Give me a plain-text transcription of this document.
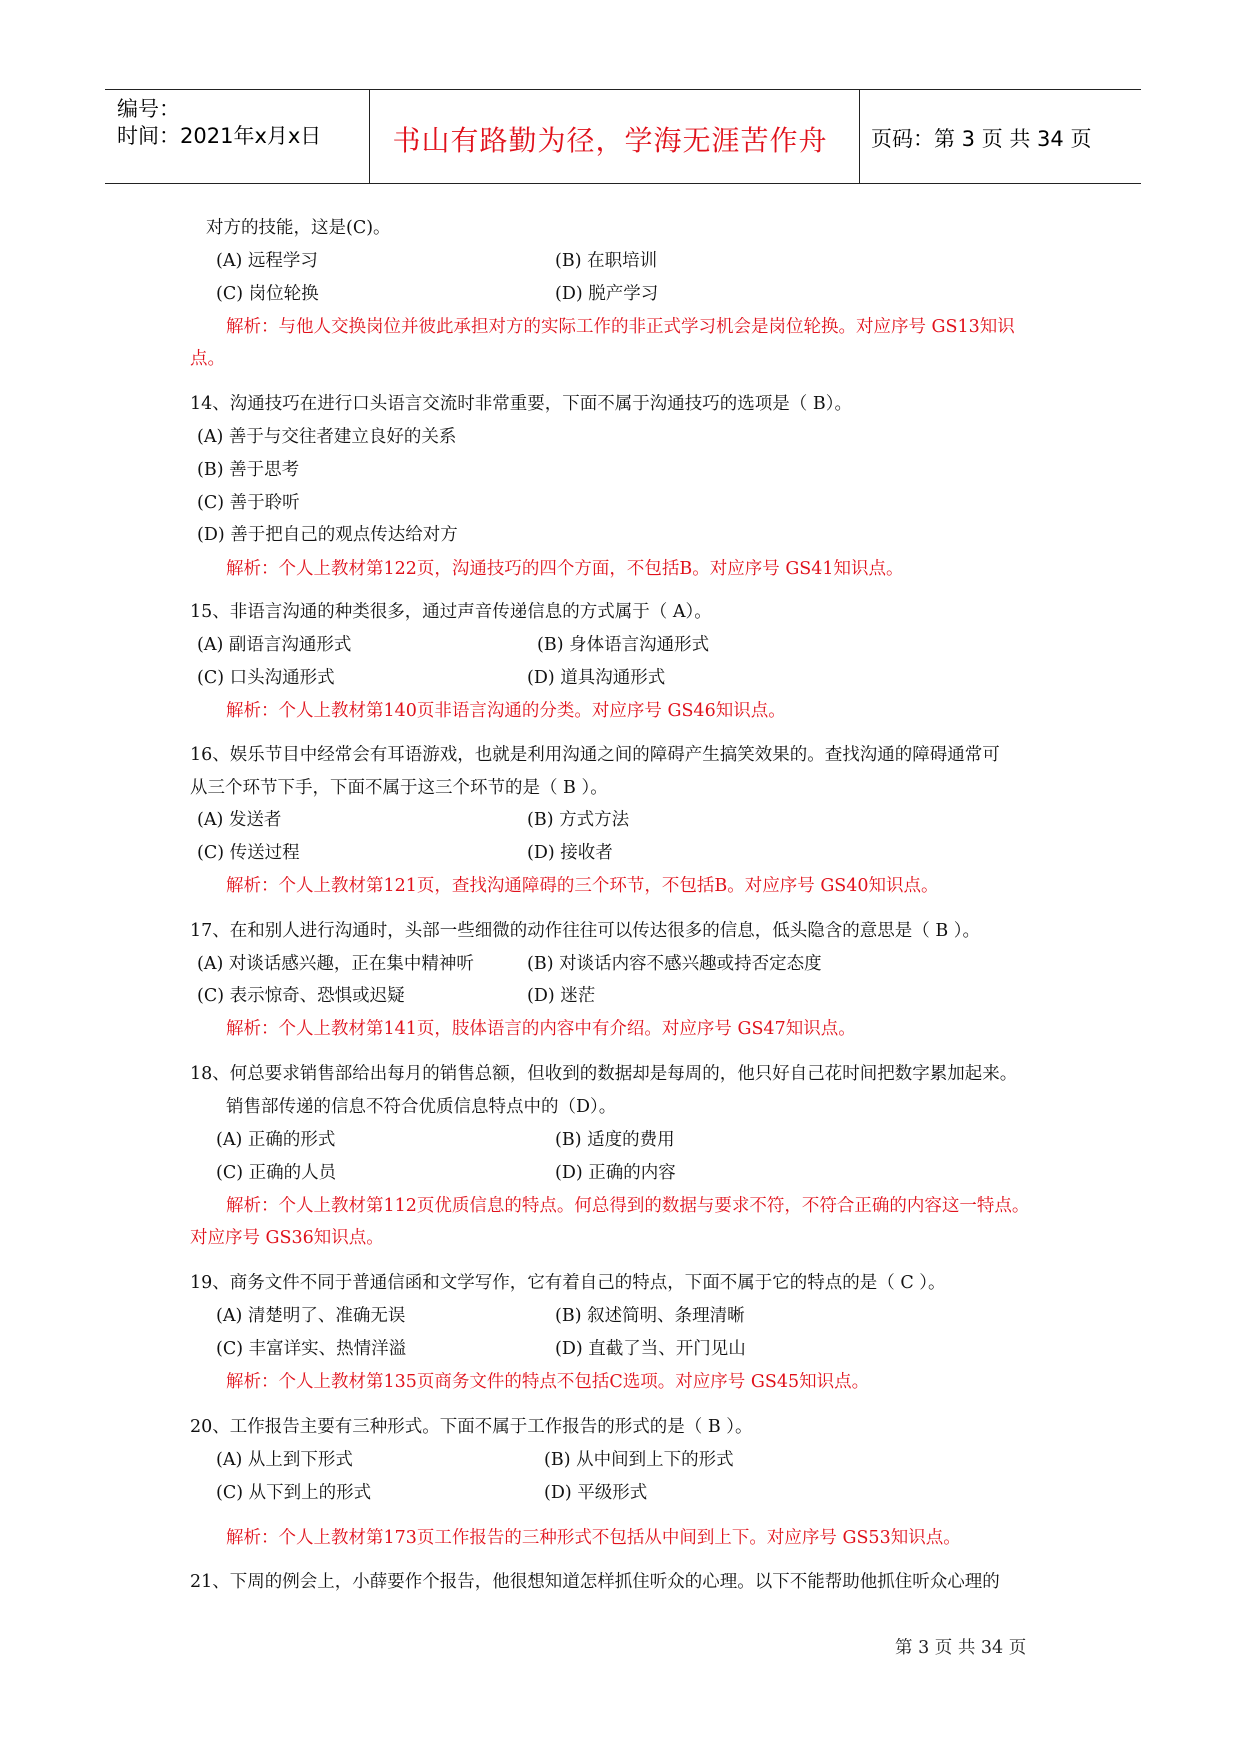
编号：
时间：2021年x月x日	书山有路勤为径，学海无涯苦作舟	页码：第 3 页 共 34 页
对方的技能，这是(C)。
(A) 远程学习	(B) 在职培训
(C) 岗位轮换	(D) 脱产学习
解析：与他人交换岗位并彼此承担对方的实际工作的非正式学习机会是岗位轮换。对应序号 GS13知识
点。
14、沟通技巧在进行口头语言交流时非常重要，下面不属于沟通技巧的选项是（ B）。
(A) 善于与交往者建立良好的关系
(B) 善于思考
(C) 善于聆听
(D) 善于把自己的观点传达给对方
解析：个人上教材第122页，沟通技巧的四个方面，不包括B。对应序号 GS41知识点。
15、非语言沟通的种类很多，通过声音传递信息的方式属于（ A）。
(A) 副语言沟通形式	(B) 身体语言沟通形式
(C) 口头沟通形式	(D) 道具沟通形式
解析：个人上教材第140页非语言沟通的分类。对应序号 GS46知识点。
16、娱乐节目中经常会有耳语游戏，也就是利用沟通之间的障碍产生搞笑效果的。查找沟通的障碍通常可
从三个环节下手，下面不属于这三个环节的是（ B ）。
(A) 发送者	(B) 方式方法
(C) 传送过程	(D) 接收者
解析：个人上教材第121页，查找沟通障碍的三个环节，不包括B。对应序号 GS40知识点。
17、在和别人进行沟通时，头部一些细微的动作往往可以传达很多的信息，低头隐含的意思是（ B ）。
(A) 对谈话感兴趣，正在集中精神听	(B) 对谈话内容不感兴趣或持否定态度
(C) 表示惊奇、恐惧或迟疑	(D) 迷茫
解析：个人上教材第141页，肢体语言的内容中有介绍。对应序号 GS47知识点。
18、何总要求销售部给出每月的销售总额，但收到的数据却是每周的，他只好自己花时间把数字累加起来。
销售部传递的信息不符合优质信息特点中的（D）。
(A) 正确的形式	(B) 适度的费用
(C) 正确的人员	(D) 正确的内容
解析：个人上教材第112页优质信息的特点。何总得到的数据与要求不符，不符合正确的内容这一特点。
对应序号 GS36知识点。
19、商务文件不同于普通信函和文学写作，它有着自己的特点，下面不属于它的特点的是（ C ）。
(A) 清楚明了、准确无误	(B) 叙述简明、条理清晰
(C) 丰富详实、热情洋溢	(D) 直截了当、开门见山
解析：个人上教材第135页商务文件的特点不包括C选项。对应序号 GS45知识点。
20、工作报告主要有三种形式。下面不属于工作报告的形式的是（ B ）。
(A) 从上到下形式	(B) 从中间到上下的形式
(C) 从下到上的形式	(D) 平级形式
解析：个人上教材第173页工作报告的三种形式不包括从中间到上下。对应序号 GS53知识点。
21、下周的例会上，小薛要作个报告，他很想知道怎样抓住听众的心理。以下不能帮助他抓住听众心理的
第 3 页 共 34 页
